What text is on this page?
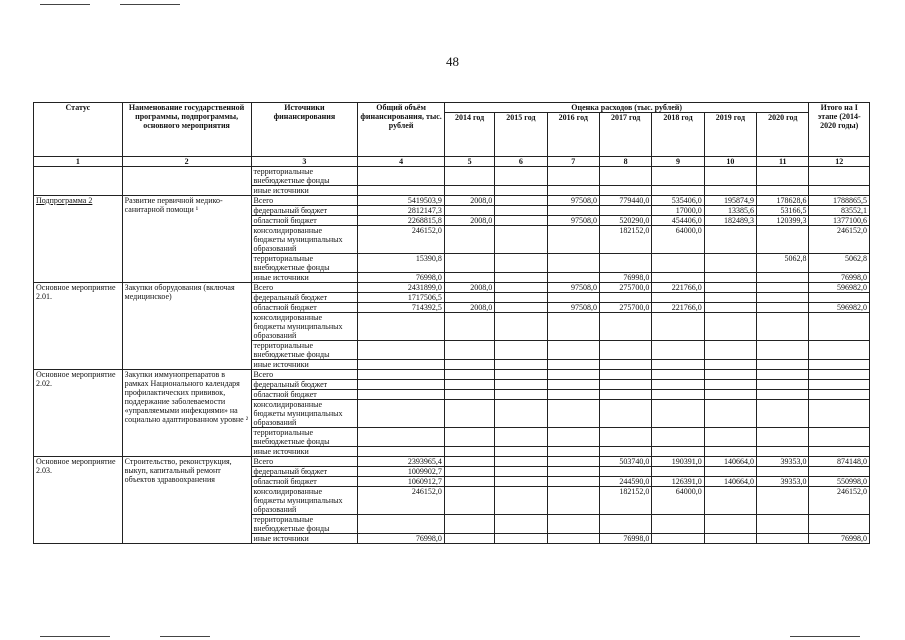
48
Статус	Наименование государственной программы, подпрограммы, основного мероприятия	Источники финансирования	Общий объём финансирования, тыс. рублей	Оценка расходов (тыс. рублей)							Итого на I этапе (2014-2020 годы)
				2014 год	2015 год	2016 год	2017 год	2018 год	2019 год	2020 год	
1	2	3	4	5	6	7	8	9	10	11	12
		территориальные внебюджетные фонды									
		иные источники									
Подпрограмма 2	Развитие первичной медико-санитарной помощи ¹	Всего	5419503,9	2008,0		97508,0	779440,0	535406,0	195874,9	178628,6	1788865,5
		федеральный бюджет	2812147,3					17000,0	13385,6	53166,5	83552,1
		областной бюджет	2268815,8	2008,0		97508,0	520290,0	454406,0	182489,3	120399,3	1377100,6
		консолидированные бюджеты муниципальных образований	246152,0				182152,0	64000,0			246152,0
		территориальные внебюджетные фонды	15390,8							5062,8	5062,8
		иные источники	76998,0				76998,0				76998,0
Основное мероприятие 2.01.	Закупки оборудования (включая медицинское)	Всего	2431899,0	2008,0		97508,0	275700,0	221766,0			596982,0
		федеральный бюджет	1717506,5								
		областной бюджет	714392,5	2008,0		97508,0	275700,0	221766,0			596982,0
		консолидированные бюджеты муниципальных образований									
		территориальные внебюджетные фонды									
		иные источники									
Основное мероприятие 2.02.	Закупки иммунопрепаратов в рамках Национального календаря профилактических прививок, поддержание заболеваемости «управляемыми инфекциями» на социально адаптированном уровне ²	Всего									
		федеральный бюджет									
		областной бюджет									
		консолидированные бюджеты муниципальных образований									
		территориальные внебюджетные фонды									
		иные источники									
Основное мероприятие 2.03.	Строительство, реконструкция, выкуп, капитальный ремонт объектов здравоохранения	Всего	2393965,4				503740,0	190391,0	140664,0	39353,0	874148,0
		федеральный бюджет	1009902,7								
		областной бюджет	1060912,7				244590,0	126391,0	140664,0	39353,0	550998,0
		консолидированные бюджеты муниципальных образований	246152,0				182152,0	64000,0			246152,0
		территориальные внебюджетные фонды									
		иные источники	76998,0				76998,0				76998,0
